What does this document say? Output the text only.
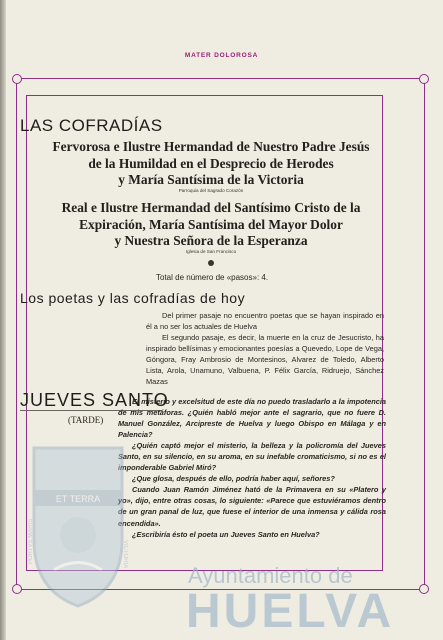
MATER DOLOROSA
LAS COFRADÍAS
Fervorosa e Ilustre Hermandad de Nuestro Padre Jesús
de la Humildad en el Desprecio de Herodes
y María Santísima de la Victoria
Parroquia del Sagrado Corazón
Real e Ilustre Hermandad del Santísimo Cristo de la
Expiración, María Santísima del Mayor Dolor
y Nuestra Señora de la Esperanza
Iglesia de San Francisco
Total de número de «pasos»: 4.
Los poetas y las cofradías de hoy

Del primer pasaje no encuentro poetas que se hayan inspirado en él a no ser los actuales de Huelva

El segundo pasaje, es decir, la muerte en la cruz de Jesucristo, ha inspirado bellísimas y emocionantes poesías a Quevedo, Lope de Vega, Góngora, Fray Ambrosio de Montesinos, Alvarez de Toledo, Alberto Lista, Arola, Unamuno, Valbuena, P. Félix García, Ridruejo, Sánchez Mazas

JUEVES SANTO
(TARDE)

El misterio y excelsitud de este día no puedo trasladarlo a la impotencia de mis metáforas. ¿Quién habló mejor ante el sagrario, que no fuere D. Manuel González, Arcipreste de Huelva y luego Obispo en Málaga y en Palencia?

¿Quién captó mejor el misterio, la belleza y la policromía del Jueves Santo, en su silencio, en su aroma, en su inefable cromaticismo, si no es el imponderable Gabriel Miró?

¿Que glosa, después de ello, podría haber aquí, señores?

Cuando Juan Ramón Jiménez ható de la Primavera en su «Platero y yo», dijo, entre otras cosas, lo siguiente: «Parece que estuviéramos dentro de un gran panal de luz, que fuese el interior de una inmensa y cálida rosa encendida».

¿Escribiría ésto el poeta un Jueves Santo en Huelva?

ET TERRA
PORTVS MARIS	VICTORIA
Ayuntamiento de
HUELVA
